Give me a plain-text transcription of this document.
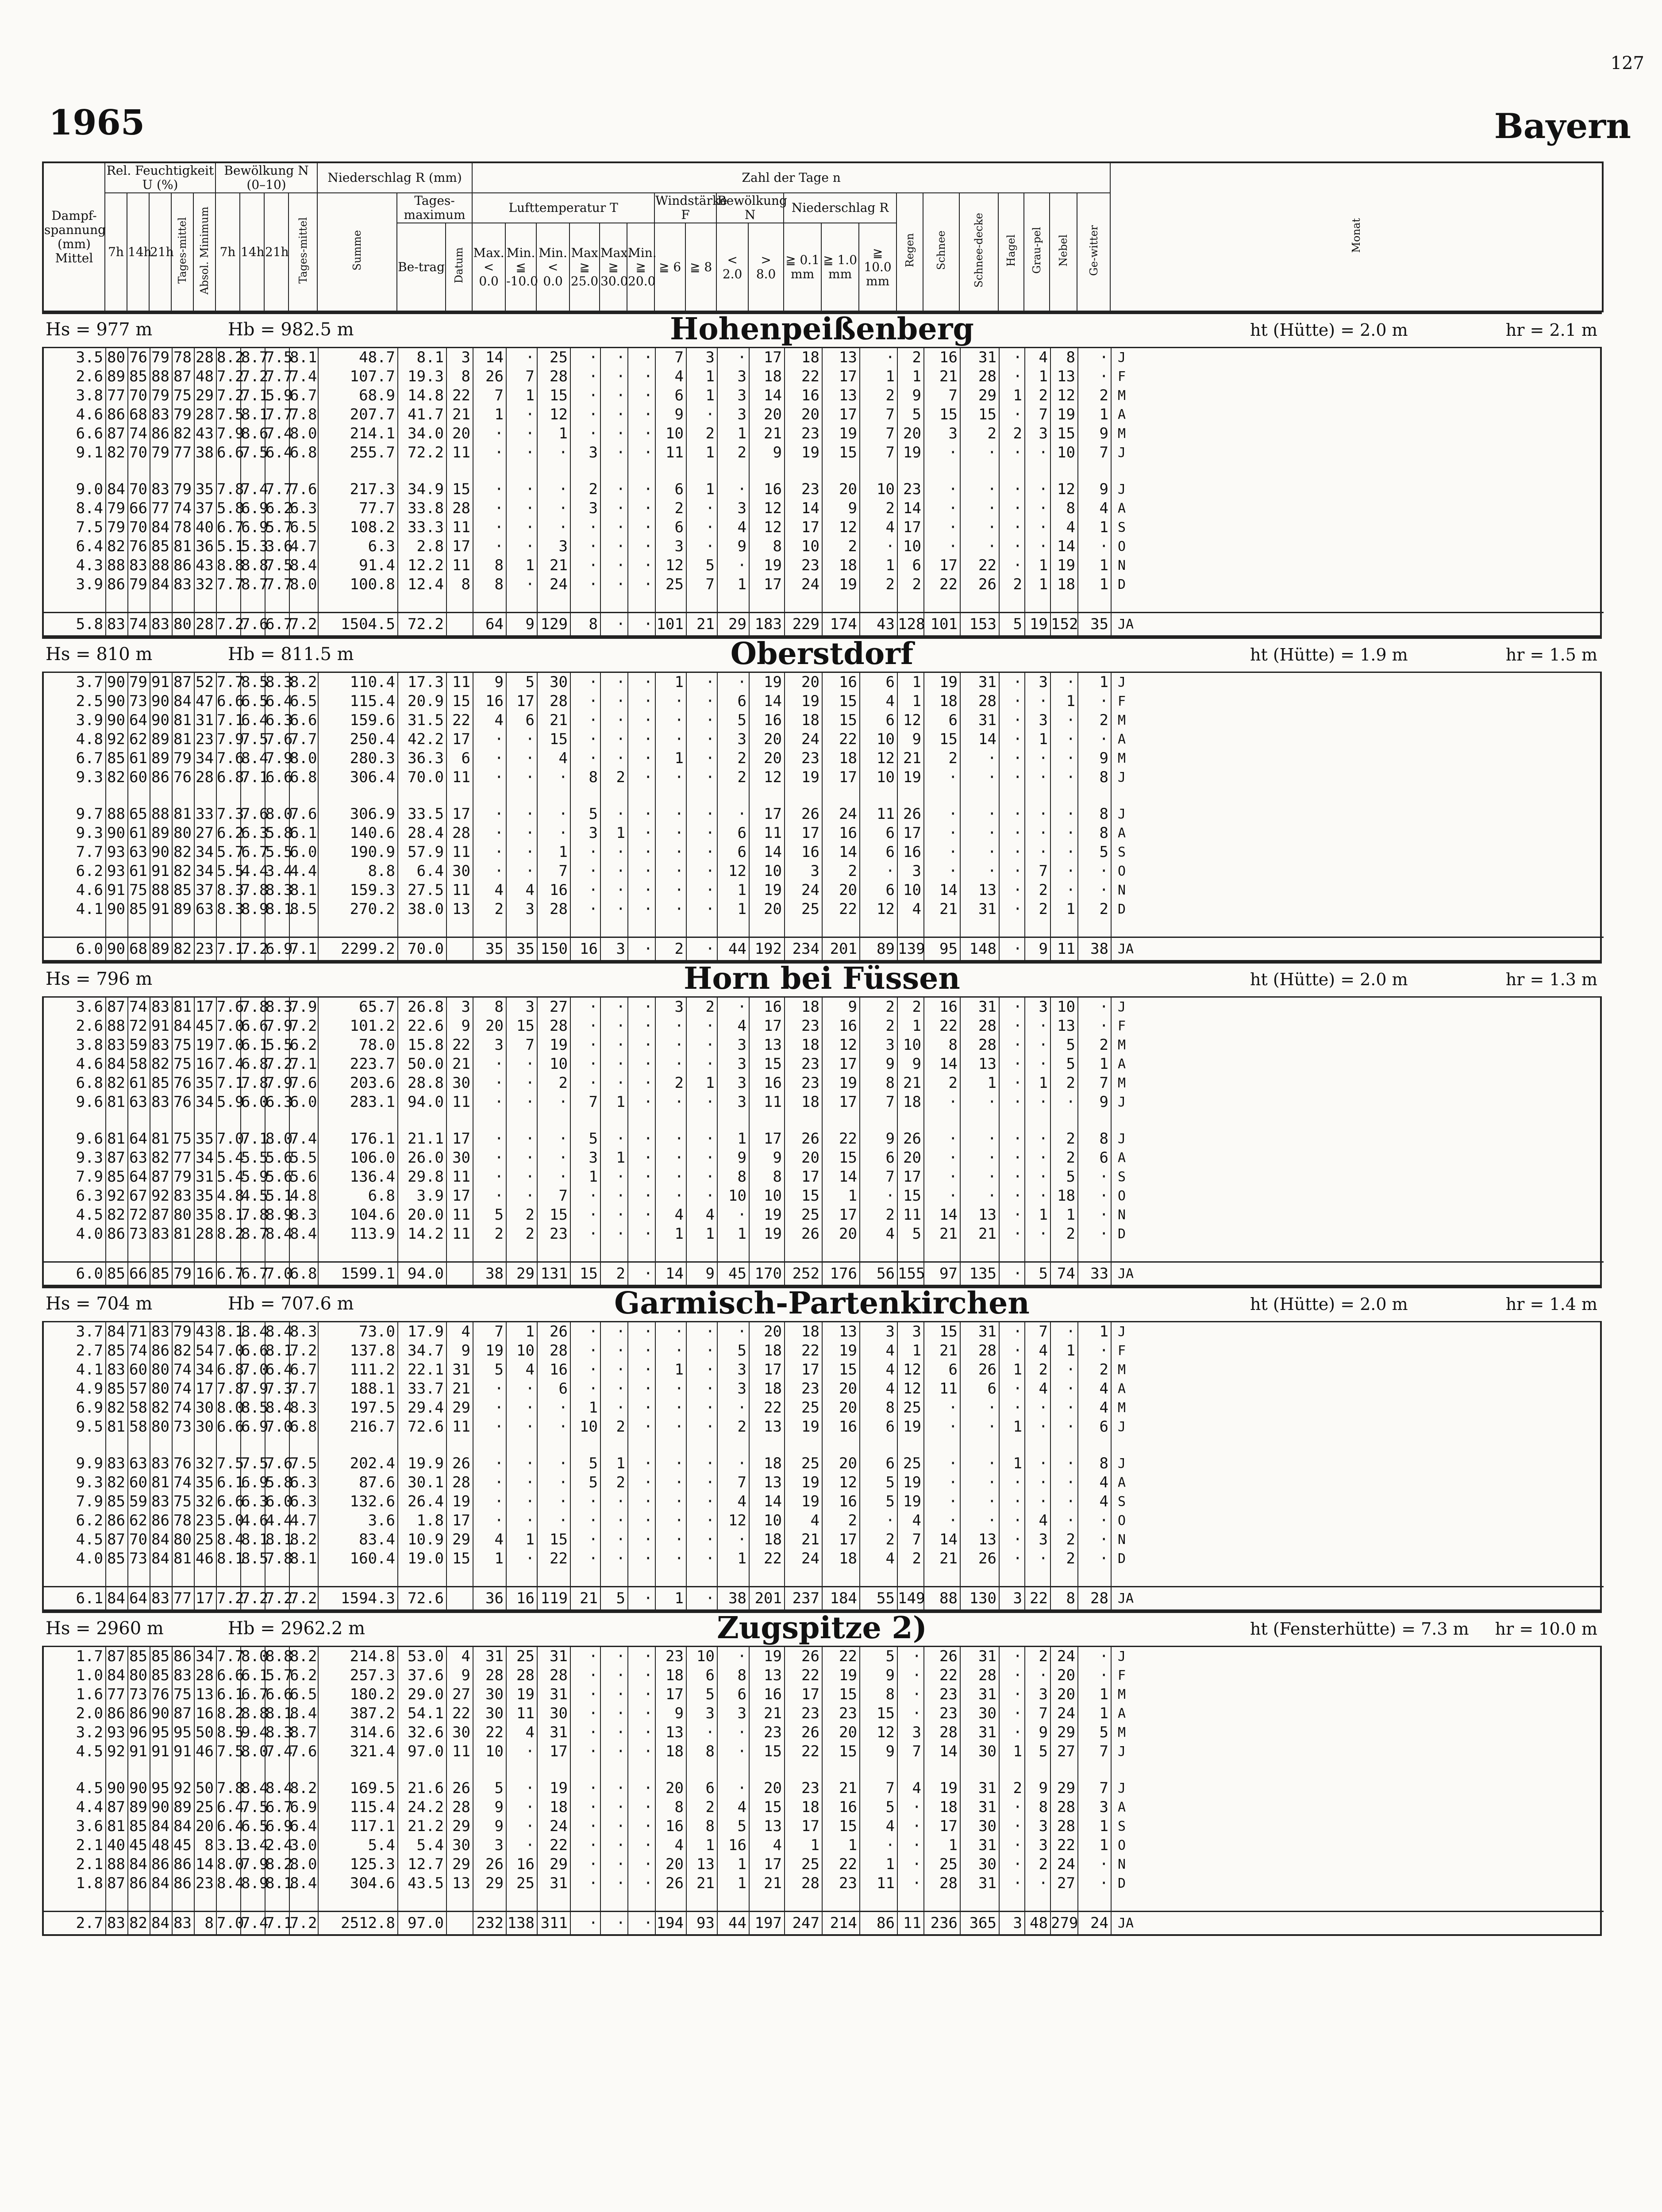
127
1965	Bayern
Dampf-spannung (mm) Mittel	Rel. Feuchtigkeit U (%)					Bewölkung N (0–10)				Niederschlag R (mm)			Zahl der Tage n																				Monat
	7h	14h	21h	Tages-mittel	Absol. Minimum	7h	14h	21h	Tages-mittel	Summe	Tages-maximum		Lufttemperatur T						Windstärke F		Bewölkung N		Niederschlag R			Regen	Schnee	Schnee-decke	Hagel	Grau-pel	Nebel	Ge-witter	
											Be-trag	Datum	Max. < 0.0	Min. ≦ -10.0	Min. < 0.0	Max ≧ 25.0	Max. ≧ 30.0	Min. ≧ 20.0	≧ 6	≧ 8	< 2.0	> 8.0	≧ 0.1 mm	≧ 1.0 mm	≧ 10.0 mm								
Hs = 977 m	Hb = 982.5 m	Hohenpeißenberg	ht (Hütte) = 2.0 m	hr = 2.1 m
3.5	80	76	79	78	28	8.2	8.7	7.5	8.1	48.7	8.1	3	14	·	25	·	·	·	7	3	·	17	18	13	·	2	16	31	·	4	8	·	J
2.6	89	85	88	87	48	7.2	7.2	7.7	7.4	107.7	19.3	8	26	7	28	·	·	·	4	1	3	18	22	17	1	1	21	28	·	1	13	·	F
3.8	77	70	79	75	29	7.2	7.1	5.9	6.7	68.9	14.8	22	7	1	15	·	·	·	6	1	3	14	16	13	2	9	7	29	1	2	12	2	M
4.6	86	68	83	79	28	7.5	8.1	7.7	7.8	207.7	41.7	21	1	·	12	·	·	·	9	·	3	20	20	17	7	5	15	15	·	7	19	1	A
6.6	87	74	86	82	43	7.9	8.6	7.4	8.0	214.1	34.0	20	·	·	1	·	·	·	10	2	1	21	23	19	7	20	3	2	2	3	15	9	M
9.1	82	70	79	77	38	6.6	7.5	6.4	6.8	255.7	72.2	11	·	·	·	3	·	·	11	1	2	9	19	15	7	19	·	·	·	·	10	7	J

9.0	84	70	83	79	35	7.8	7.4	7.7	7.6	217.3	34.9	15	·	·	·	2	·	·	6	1	·	16	23	20	10	23	·	·	·	·	12	9	J
8.4	79	66	77	74	37	5.8	6.9	6.2	6.3	77.7	33.8	28	·	·	·	3	·	·	2	·	3	12	14	9	2	14	·	·	·	·	8	4	A
7.5	79	70	84	78	40	6.7	6.9	5.7	6.5	108.2	33.3	11	·	·	·	·	·	·	6	·	4	12	17	12	4	17	·	·	·	·	4	1	S
6.4	82	76	85	81	36	5.1	5.3	3.6	4.7	6.3	2.8	17	·	·	3	·	·	·	3	·	9	8	10	2	·	10	·	·	·	·	14	·	O
4.3	88	83	88	86	43	8.8	8.8	7.5	8.4	91.4	12.2	11	8	1	21	·	·	·	12	5	·	19	23	18	1	6	17	22	·	1	19	1	N
3.9	86	79	84	83	32	7.7	8.7	7.7	8.0	100.8	12.4	8	8	·	24	·	·	·	25	7	1	17	24	19	2	2	22	26	2	1	18	1	D

5.8	83	74	83	80	28	7.2	7.6	6.7	7.2	1504.5	72.2		64	9	129	8	·	·	101	21	29	183	229	174	43	128	101	153	5	19	152	35	JA
Hs = 810 m	Hb = 811.5 m	Oberstdorf	ht (Hütte) = 1.9 m	hr = 1.5 m
3.7	90	79	91	87	52	7.7	8.5	8.3	8.2	110.4	17.3	11	9	5	30	·	·	·	1	·	·	19	20	16	6	1	19	31	·	3	·	1	J
2.5	90	73	90	84	47	6.6	6.5	6.4	6.5	115.4	20.9	15	16	17	28	·	·	·	·	·	6	14	19	15	4	1	18	28	·	·	1	·	F
3.9	90	64	90	81	31	7.1	6.4	6.3	6.6	159.6	31.5	22	4	6	21	·	·	·	·	·	5	16	18	15	6	12	6	31	·	3	·	2	M
4.8	92	62	89	81	23	7.9	7.5	7.6	7.7	250.4	42.2	17	·	·	15	·	·	·	·	·	3	20	24	22	10	9	15	14	·	1	·	·	A
6.7	85	61	89	79	34	7.6	8.4	7.9	8.0	280.3	36.3	6	·	·	4	·	·	·	1	·	2	20	23	18	12	21	2	·	·	·	·	9	M
9.3	82	60	86	76	28	6.8	7.1	6.6	6.8	306.4	70.0	11	·	·	·	8	2	·	·	·	2	12	19	17	10	19	·	·	·	·	·	8	J

9.7	88	65	88	81	33	7.3	7.6	8.0	7.6	306.9	33.5	17	·	·	·	5	·	·	·	·	·	17	26	24	11	26	·	·	·	·	·	8	J
9.3	90	61	89	80	27	6.2	6.3	5.8	6.1	140.6	28.4	28	·	·	·	3	1	·	·	·	6	11	17	16	6	17	·	·	·	·	·	8	A
7.7	93	63	90	82	34	5.7	6.7	5.5	6.0	190.9	57.9	11	·	·	1	·	·	·	·	·	6	14	16	14	6	16	·	·	·	·	·	5	S
6.2	93	61	91	82	34	5.5	4.4	3.4	4.4	8.8	6.4	30	·	·	7	·	·	·	·	·	12	10	3	2	·	3	·	·	·	7	·	·	O
4.6	91	75	88	85	37	8.3	7.8	8.3	8.1	159.3	27.5	11	4	4	16	·	·	·	·	·	1	19	24	20	6	10	14	13	·	2	·	·	N
4.1	90	85	91	89	63	8.3	8.9	8.1	8.5	270.2	38.0	13	2	3	28	·	·	·	·	·	1	20	25	22	12	4	21	31	·	2	1	2	D

6.0	90	68	89	82	23	7.1	7.2	6.9	7.1	2299.2	70.0		35	35	150	16	3	·	2	·	44	192	234	201	89	139	95	148	·	9	11	38	JA
Hs = 796 m	Horn bei Füssen	ht (Hütte) = 2.0 m	hr = 1.3 m
3.6	87	74	83	81	17	7.6	7.8	8.3	7.9	65.7	26.8	3	8	3	27	·	·	·	3	2	·	16	18	9	2	2	16	31	·	3	10	·	J
2.6	88	72	91	84	45	7.0	6.6	7.9	7.2	101.2	22.6	9	20	15	28	·	·	·	·	·	4	17	23	16	2	1	22	28	·	·	13	·	F
3.8	83	59	83	75	19	7.0	6.1	5.5	6.2	78.0	15.8	22	3	7	19	·	·	·	·	·	3	13	18	12	3	10	8	28	·	·	5	2	M
4.6	84	58	82	75	16	7.4	6.8	7.2	7.1	223.7	50.0	21	·	·	10	·	·	·	·	·	3	15	23	17	9	9	14	13	·	·	5	1	A
6.8	82	61	85	76	35	7.1	7.8	7.9	7.6	203.6	28.8	30	·	·	2	·	·	·	2	1	3	16	23	19	8	21	2	1	·	1	2	7	M
9.6	81	63	83	76	34	5.9	6.0	6.3	6.0	283.1	94.0	11	·	·	·	7	1	·	·	·	3	11	18	17	7	18	·	·	·	·	·	9	J

9.6	81	64	81	75	35	7.0	7.1	8.0	7.4	176.1	21.1	17	·	·	·	5	·	·	·	·	1	17	26	22	9	26	·	·	·	·	2	8	J
9.3	87	63	82	77	34	5.4	5.5	5.6	5.5	106.0	26.0	30	·	·	·	3	1	·	·	·	9	9	20	15	6	20	·	·	·	·	2	6	A
7.9	85	64	87	79	31	5.4	5.9	5.6	5.6	136.4	29.8	11	·	·	·	1	·	·	·	·	8	8	17	14	7	17	·	·	·	·	5	·	S
6.3	92	67	92	83	35	4.8	4.5	5.1	4.8	6.8	3.9	17	·	·	7	·	·	·	·	·	10	10	15	1	·	15	·	·	·	·	18	·	O
4.5	82	72	87	80	35	8.1	7.8	8.9	8.3	104.6	20.0	11	5	2	15	·	·	·	4	4	·	19	25	17	2	11	14	13	·	1	1	·	N
4.0	86	73	83	81	28	8.2	8.7	8.4	8.4	113.9	14.2	11	2	2	23	·	·	·	1	1	1	19	26	20	4	5	21	21	·	·	2	·	D

6.0	85	66	85	79	16	6.7	6.7	7.0	6.8	1599.1	94.0		38	29	131	15	2	·	14	9	45	170	252	176	56	155	97	135	·	5	74	33	JA
Hs = 704 m	Hb = 707.6 m	Garmisch-Partenkirchen	ht (Hütte) = 2.0 m	hr = 1.4 m
3.7	84	71	83	79	43	8.1	8.4	8.4	8.3	73.0	17.9	4	7	1	26	·	·	·	·	·	·	20	18	13	3	3	15	31	·	7	·	1	J
2.7	85	74	86	82	54	7.0	6.6	8.1	7.2	137.8	34.7	9	19	10	28	·	·	·	·	·	5	18	22	19	4	1	21	28	·	4	1	·	F
4.1	83	60	80	74	34	6.8	7.0	6.4	6.7	111.2	22.1	31	5	4	16	·	·	·	1	·	3	17	17	15	4	12	6	26	1	2	·	2	M
4.9	85	57	80	74	17	7.8	7.9	7.3	7.7	188.1	33.7	21	·	·	6	·	·	·	·	·	3	18	23	20	4	12	11	6	·	4	·	4	A
6.9	82	58	82	74	30	8.0	8.5	8.4	8.3	197.5	29.4	29	·	·	·	1	·	·	·	·	·	22	25	20	8	25	·	·	·	·	·	4	M
9.5	81	58	80	73	30	6.6	6.9	7.0	6.8	216.7	72.6	11	·	·	·	10	2	·	·	·	2	13	19	16	6	19	·	·	1	·	·	6	J

9.9	83	63	83	76	32	7.5	7.5	7.6	7.5	202.4	19.9	26	·	·	·	5	1	·	·	·	·	18	25	20	6	25	·	·	1	·	·	8	J
9.3	82	60	81	74	35	6.1	6.9	5.8	6.3	87.6	30.1	28	·	·	·	5	2	·	·	·	7	13	19	12	5	19	·	·	·	·	·	4	A
7.9	85	59	83	75	32	6.6	6.3	6.0	6.3	132.6	26.4	19	·	·	·	·	·	·	·	·	4	14	19	16	5	19	·	·	·	·	·	4	S
6.2	86	62	86	78	23	5.0	4.6	4.4	4.7	3.6	1.8	17	·	·	·	·	·	·	·	·	12	10	4	2	·	4	·	·	·	4	·	·	O
4.5	87	70	84	80	25	8.4	8.1	8.1	8.2	83.4	10.9	29	4	1	15	·	·	·	·	·	·	18	21	17	2	7	14	13	·	3	2	·	N
4.0	85	73	84	81	46	8.1	8.5	7.8	8.1	160.4	19.0	15	1	·	22	·	·	·	·	·	1	22	24	18	4	2	21	26	·	·	2	·	D

6.1	84	64	83	77	17	7.2	7.2	7.2	7.2	1594.3	72.6		36	16	119	21	5	·	1	·	38	201	237	184	55	149	88	130	3	22	8	28	JA
Hs = 2960 m	Hb = 2962.2 m	Zugspitze 2)	ht (Fensterhütte) = 7.3 m hr = 10.0 m
1.7	87	85	85	86	34	7.7	8.0	8.8	8.2	214.8	53.0	4	31	25	31	·	·	·	23	10	·	19	26	22	5	·	26	31	·	2	24	·	J
1.0	84	80	85	83	28	6.6	6.1	5.7	6.2	257.3	37.6	9	28	28	28	·	·	·	18	6	8	13	22	19	9	·	22	28	·	·	20	·	F
1.6	77	73	76	75	13	6.1	6.7	6.6	6.5	180.2	29.0	27	30	19	31	·	·	·	17	5	6	16	17	15	8	·	23	31	·	3	20	1	M
2.0	86	86	90	87	16	8.2	8.8	8.1	8.4	387.2	54.1	22	30	11	30	·	·	·	9	3	3	21	23	23	15	·	23	30	·	7	24	1	A
3.2	93	96	95	95	50	8.5	9.4	8.3	8.7	314.6	32.6	30	22	4	31	·	·	·	13	·	·	23	26	20	12	3	28	31	·	9	29	5	M
4.5	92	91	91	91	46	7.5	8.0	7.4	7.6	321.4	97.0	11	10	·	17	·	·	·	18	8	·	15	22	15	9	7	14	30	1	5	27	7	J

4.5	90	90	95	92	50	7.8	8.4	8.4	8.2	169.5	21.6	26	5	·	19	·	·	·	20	6	·	20	23	21	7	4	19	31	2	9	29	7	J
4.4	87	89	90	89	25	6.4	7.5	6.7	6.9	115.4	24.2	28	9	·	18	·	·	·	8	2	4	15	18	16	5	·	18	31	·	8	28	3	A
3.6	81	85	84	84	20	6.4	6.5	6.9	6.4	117.1	21.2	29	9	·	24	·	·	·	16	8	5	13	17	15	4	·	17	30	·	3	28	1	S
2.1	40	45	48	45	8	3.1	3.4	2.4	3.0	5.4	5.4	30	3	·	22	·	·	·	4	1	16	4	1	1	·	·	1	31	·	3	22	1	O
2.1	88	84	86	86	14	8.0	7.9	8.2	8.0	125.3	12.7	29	26	16	29	·	·	·	20	13	1	17	25	22	1	·	25	30	·	2	24	·	N
1.8	87	86	84	86	23	8.4	8.9	8.1	8.4	304.6	43.5	13	29	25	31	·	·	·	26	21	1	21	28	23	11	·	28	31	·	·	27	·	D

2.7	83	82	84	83	8	7.0	7.4	7.1	7.2	2512.8	97.0		232	138	311	·	·	·	194	93	44	197	247	214	86	11	236	365	3	48	279	24	JA
